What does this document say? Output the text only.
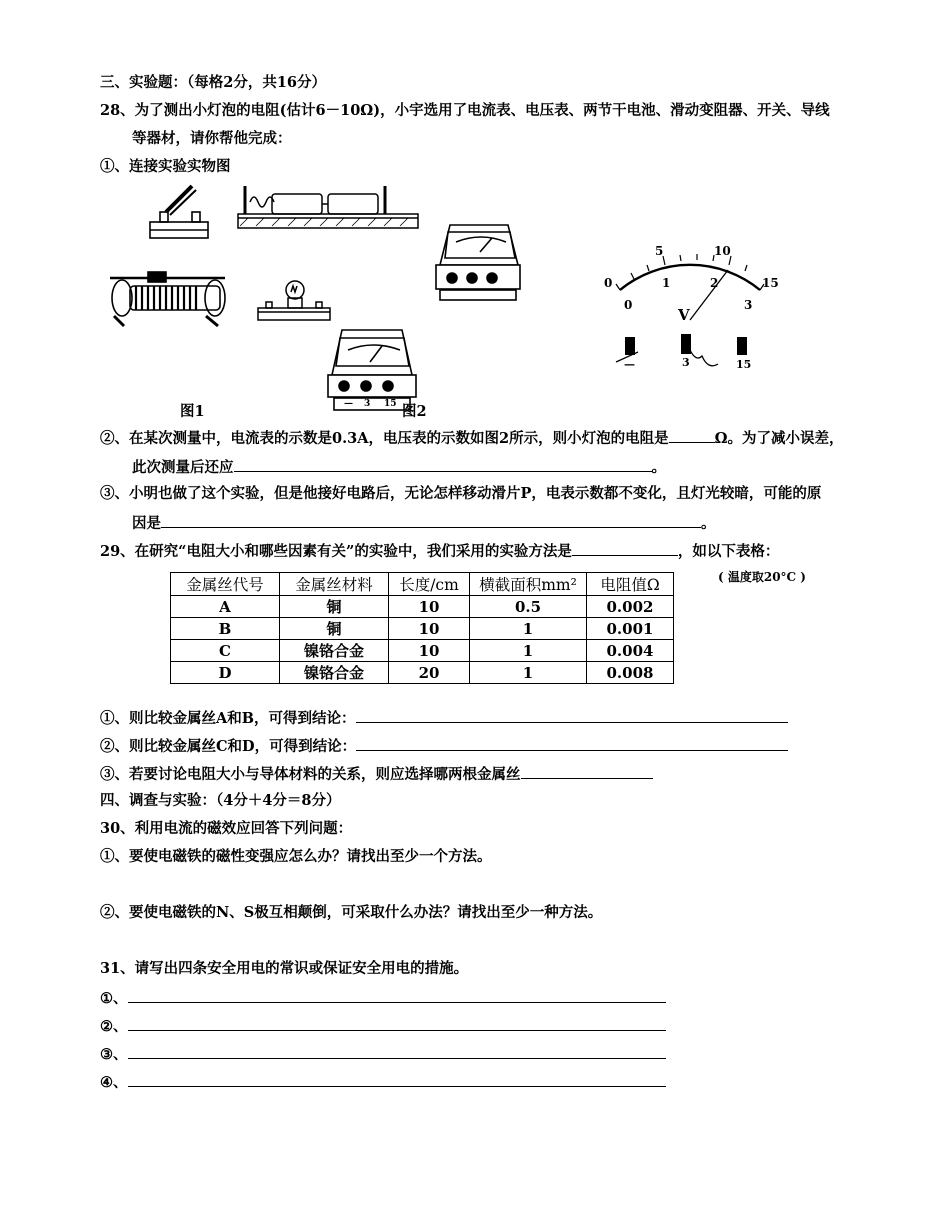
三、实验题：（每格2分，共16分）
28、为了测出小灯泡的电阻(估计6－10Ω)，小宇选用了电流表、电压表、两节干电池、滑动变阻器、开关、导线
等器材，请你帮他完成：
①、连接实验实物图
0
5	10
15
0
1	2
3
V
—	3	15
— 3 15
图1	图2
②、在某次测量中，电流表的示数是0.3A，电压表的示数如图2所示，则小灯泡的电阻是	Ω。为了减小误差，
此次测量后还应	。
③、小明也做了这个实验，但是他接好电路后，无论怎样移动滑片P，电表示数都不变化，且灯光较暗，可能的原
因是	。
29、在研究“电阻大小和哪些因素有关”的实验中，我们采用的实验方法是	，如以下表格：
( 温度取20°C )
金属丝代号	金属丝材料	长度/cm	横截面积mm²	电阻值Ω
A	铜	10	0.5	0.002
B	铜	10	1	0.001
C	镍铬合金	10	1	0.004
D	镍铬合金	20	1	0.008
①、则比较金属丝A和B，可得到结论：
②、则比较金属丝C和D，可得到结论：
③、若要讨论电阻大小与导体材料的关系，则应选择哪两根金属丝
四、调查与实验：（4分＋4分＝8分）
30、利用电流的磁效应回答下列问题：
①、要使电磁铁的磁性变强应怎么办？请找出至少一个方法。
②、要使电磁铁的N、S极互相颠倒，可采取什么办法？请找出至少一种方法。
31、请写出四条安全用电的常识或保证安全用电的措施。
①、
②、
③、
④、
